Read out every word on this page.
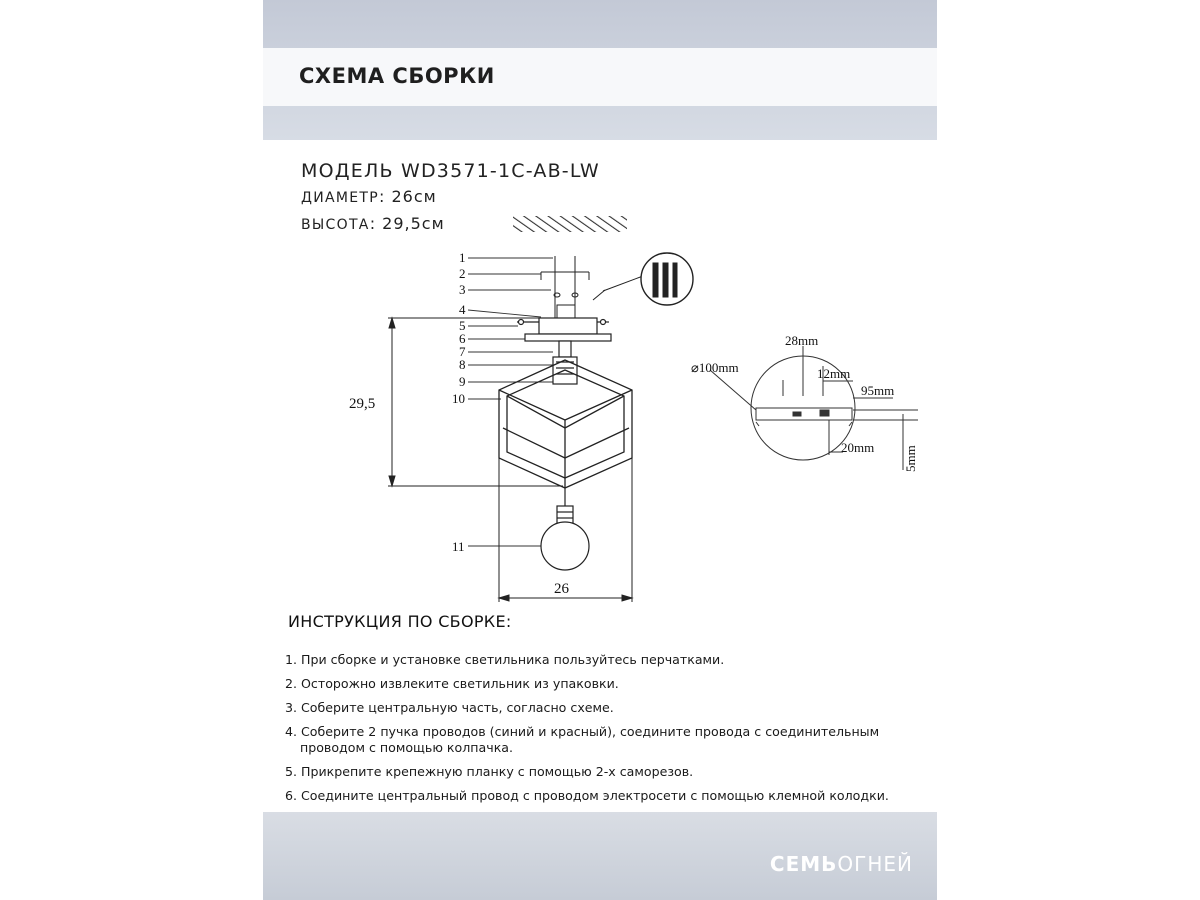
СХЕМА СБОРКИ
МОДЕЛЬ WD3571-1C-AB-LW
ДИАМЕТР: 26см
ВЫСОТА: 29,5см
1
2
3
4
5
6
7
8
9
10
11
29,5
26
⌀100mm
28mm
12mm
95mm
20mm 5mm
ИНСТРУКЦИЯ ПО СБОРКЕ:
1. При сборке и установке светильника пользуйтесь перчатками.
2. Осторожно извлеките светильник из упаковки.
3. Соберите центральную часть, согласно схеме.
4. Соберите 2 пучка проводов (синий и красный), соедините провода с соединительным
проводом с помощью колпачка.
5. Прикрепите крепежную планку с помощью 2-х саморезов.
6. Соедините центральный провод с проводом электросети с помощью клемной колодки.
СЕМЬОГНЕЙ
